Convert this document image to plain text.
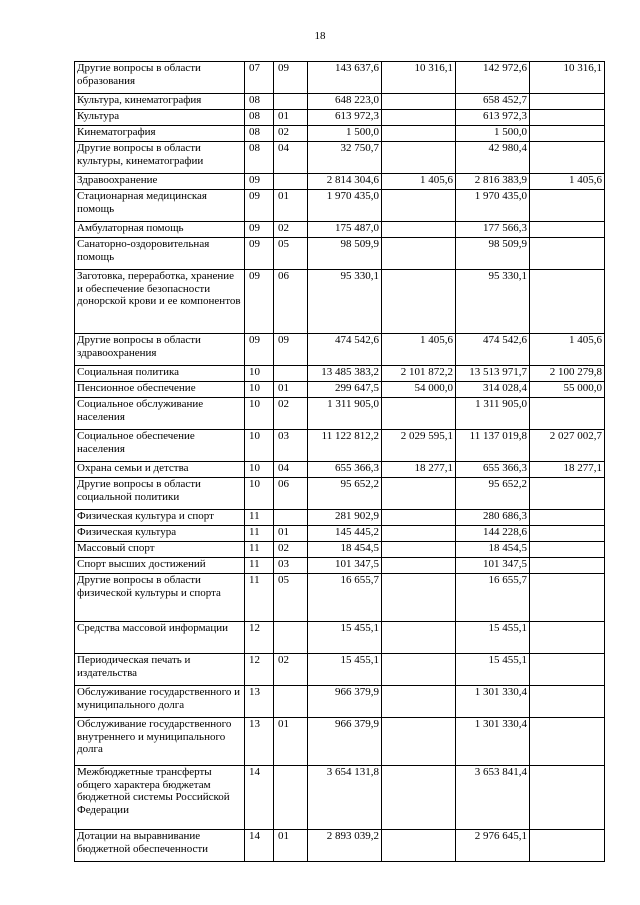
18
Другие вопросы в области образования	07	09	143 637,6	10 316,1	142 972,6	10 316,1
Культура, кинематография	08		648 223,0		658 452,7	
Культура	08	01	613 972,3		613 972,3	
Кинематография	08	02	1 500,0		1 500,0	
Другие вопросы в области культуры, кинематографии	08	04	32 750,7		42 980,4	
Здравоохранение	09		2 814 304,6	1 405,6	2 816 383,9	1 405,6
Стационарная медицинская помощь	09	01	1 970 435,0		1 970 435,0	
Амбулаторная помощь	09	02	175 487,0		177 566,3	
Санаторно-оздоровительная помощь	09	05	98 509,9		98 509,9	
Заготовка, переработка, хранение и обеспечение безопасности донорской крови и ее компонентов	09	06	95 330,1		95 330,1	
Другие вопросы в области здравоохранения	09	09	474 542,6	1 405,6	474 542,6	1 405,6
Социальная политика	10		13 485 383,2	2 101 872,2	13 513 971,7	2 100 279,8
Пенсионное обеспечение	10	01	299 647,5	54 000,0	314 028,4	55 000,0
Социальное обслуживание населения	10	02	1 311 905,0		1 311 905,0	
Социальное обеспечение населения	10	03	11 122 812,2	2 029 595,1	11 137 019,8	2 027 002,7
Охрана семьи и детства	10	04	655 366,3	18 277,1	655 366,3	18 277,1
Другие вопросы в области социальной политики	10	06	95 652,2		95 652,2	
Физическая культура и спорт	11		281 902,9		280 686,3	
Физическая культура	11	01	145 445,2		144 228,6	
Массовый спорт	11	02	18 454,5		18 454,5	
Спорт высших достижений	11	03	101 347,5		101 347,5	
Другие вопросы в области физической культуры и спорта	11	05	16 655,7		16 655,7	
Средства массовой информации	12		15 455,1		15 455,1	
Периодическая печать и издательства	12	02	15 455,1		15 455,1	
Обслуживание государственного и муниципального долга	13		966 379,9		1 301 330,4	
Обслуживание государственного внутреннего и муниципального долга	13	01	966 379,9		1 301 330,4	
Межбюджетные трансферты общего характера бюджетам бюджетной системы Российской Федерации	14		3 654 131,8		3 653 841,4	
Дотации на выравнивание бюджетной обеспеченности	14	01	2 893 039,2		2 976 645,1	
